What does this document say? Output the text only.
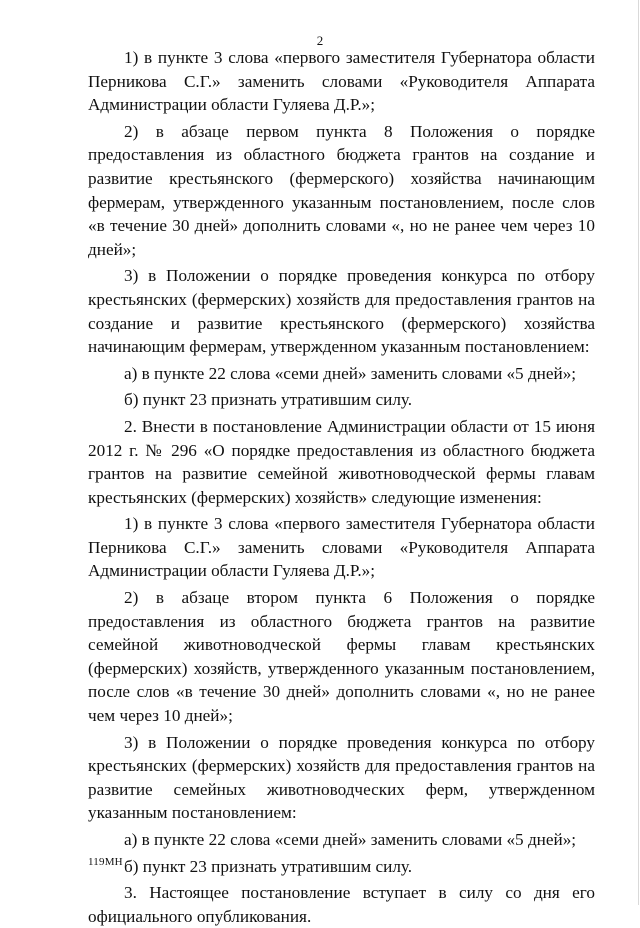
2

1) в пункте 3 слова «первого заместителя Губернатора области Перникова С.Г.» заменить словами «Руководителя Аппарата Администрации области Гуляева Д.Р.»;

2) в абзаце первом пункта 8 Положения о порядке предоставления из областного бюджета грантов на создание и развитие крестьянского (фермерского) хозяйства начинающим фермерам, утвержденного указанным постановлением, после слов «в течение 30 дней» дополнить словами «, но не ранее чем через 10 дней»;

3) в Положении о порядке проведения конкурса по отбору крестьянских (фермерских) хозяйств для предоставления грантов на создание и развитие крестьянского (фермерского) хозяйства начинающим фермерам, утвержденном указанным постановлением:

а) в пункте 22 слова «семи дней» заменить словами «5 дней»;

б) пункт 23 признать утратившим силу.

2. Внести в постановление Администрации области от 15 июня 2012 г. № 296 «О порядке предоставления из областного бюджета грантов на развитие семейной животноводческой фермы главам крестьянских (фермерских) хозяйств» следующие изменения:

1) в пункте 3 слова «первого заместителя Губернатора области Перникова С.Г.» заменить словами «Руководителя Аппарата Администрации области Гуляева Д.Р.»;

2) в абзаце втором пункта 6 Положения о порядке предоставления из областного бюджета грантов на развитие семейной животноводческой фермы главам крестьянских (фермерских) хозяйств, утвержденного указанным постановлением, после слов «в течение 30 дней» дополнить словами «, но не ранее чем через 10 дней»;

3) в Положении о порядке проведения конкурса по отбору крестьянских (фермерских) хозяйств для предоставления грантов на развитие семейных животноводческих ферм, утвержденном указанным постановлением:

а) в пункте 22 слова «семи дней» заменить словами «5 дней»;

б) пункт 23 признать утратившим силу.

3. Настоящее постановление вступает в силу со дня его официального опубликования.

119МН
